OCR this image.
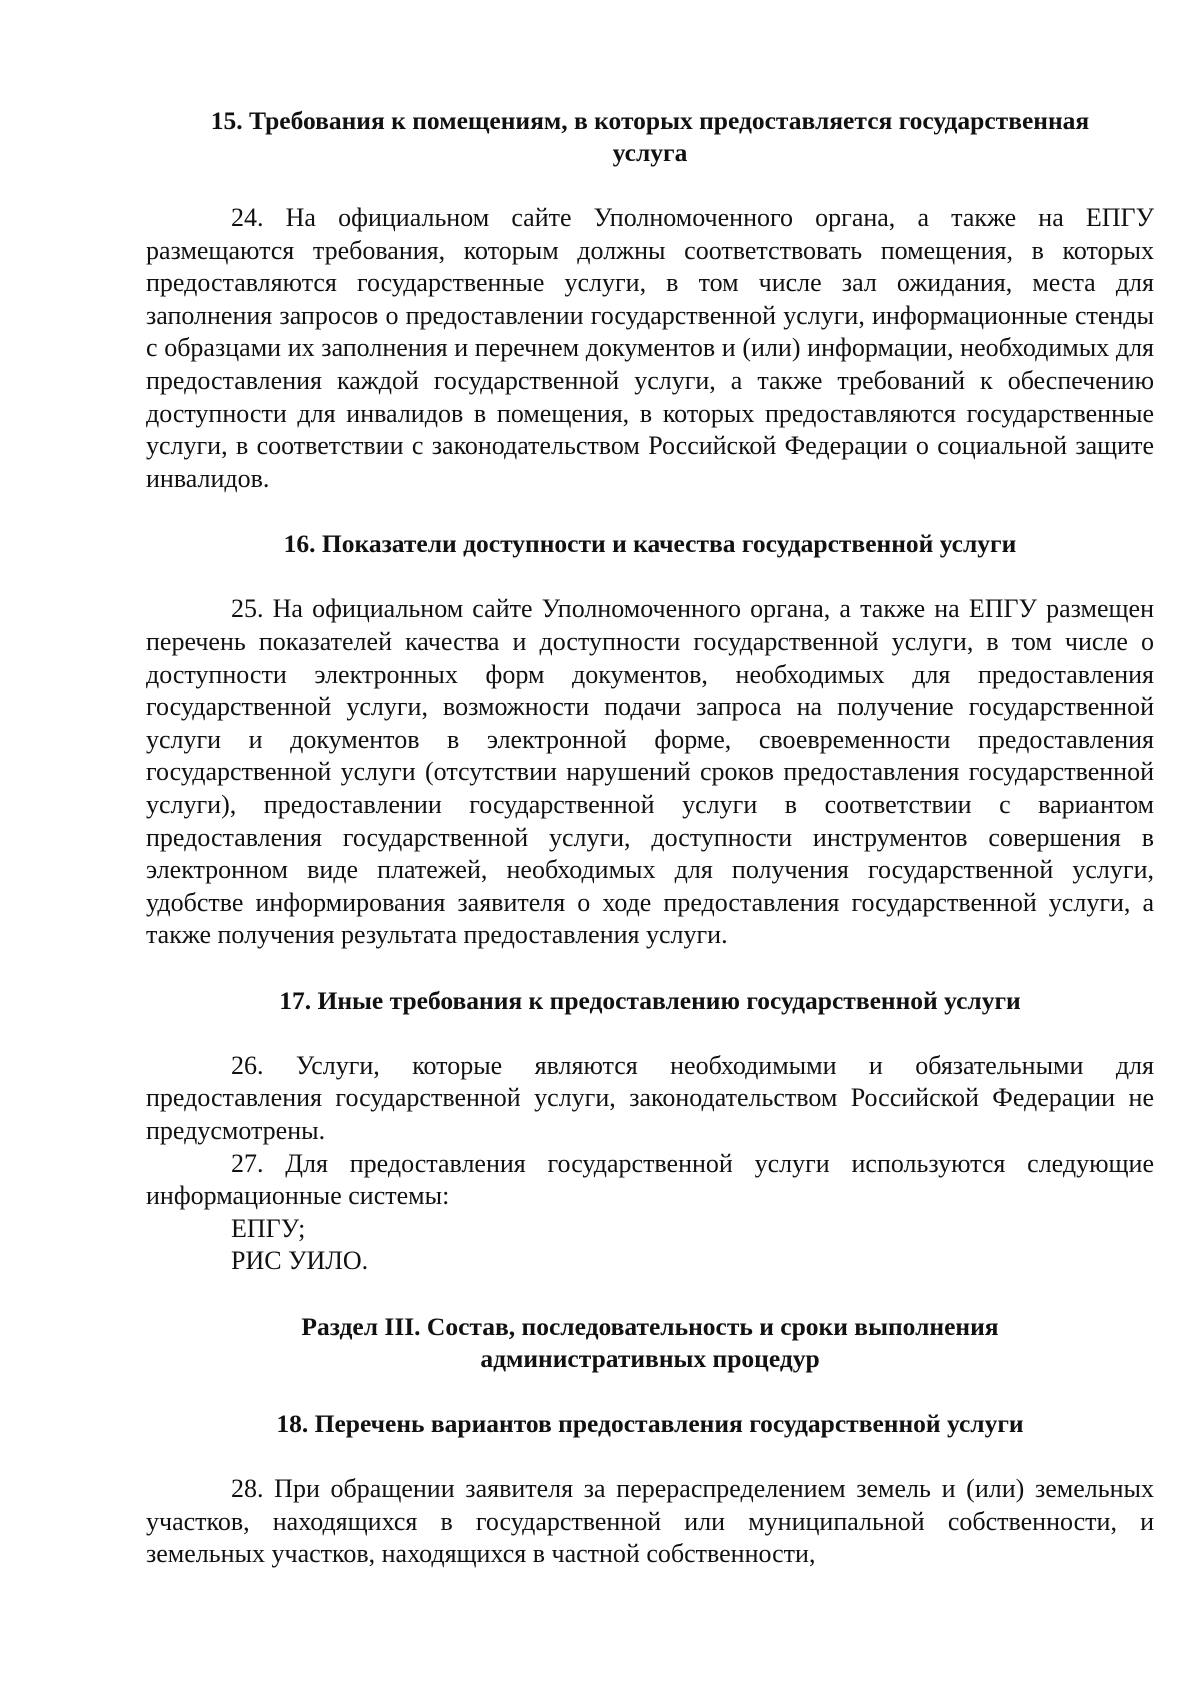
15. Требования к помещениям, в которых предоставляется государственная
услуга

24. На официальном сайте Уполномоченного органа, а также на ЕПГУ размещаются требования, которым должны соответствовать помещения, в которых предоставляются государственные услуги, в том числе зал ожидания, места для заполнения запросов о предоставлении государственной услуги, информационные стенды с образцами их заполнения и перечнем документов и (или) информации, необходимых для предоставления каждой государственной услуги, а также требований к обеспечению доступности для инвалидов в помещения, в которых предоставляются государственные услуги, в соответствии с законодательством Российской Федерации о социальной защите инвалидов.

16. Показатели доступности и качества государственной услуги

25. На официальном сайте Уполномоченного органа, а также на ЕПГУ размещен перечень показателей качества и доступности государственной услуги, в том числе о доступности электронных форм документов, необходимых для предоставления государственной услуги, возможности подачи запроса на получение государственной услуги и документов в электронной форме, своевременности предоставления государственной услуги (отсутствии нарушений сроков предоставления государственной услуги), предоставлении государственной услуги в соответствии с вариантом предоставления государственной услуги, доступности инструментов совершения в электронном виде платежей, необходимых для получения государственной услуги, удобстве информирования заявителя о ходе предоставления государственной услуги, а также получения результата предоставления услуги.

17. Иные требования к предоставлению государственной услуги

26. Услуги, которые являются необходимыми и обязательными для предоставления государственной услуги, законодательством Российской Федерации не предусмотрены.

27. Для предоставления государственной услуги используются следующие информационные системы:

ЕПГУ;

РИС УИЛО.

Раздел III. Состав, последовательность и сроки выполнения
административных процедур
18. Перечень вариантов предоставления государственной услуги

28. При обращении заявителя за перераспределением земель и (или) земельных участков, находящихся в государственной или муниципальной собственности, и земельных участков, находящихся в частной собственности,
